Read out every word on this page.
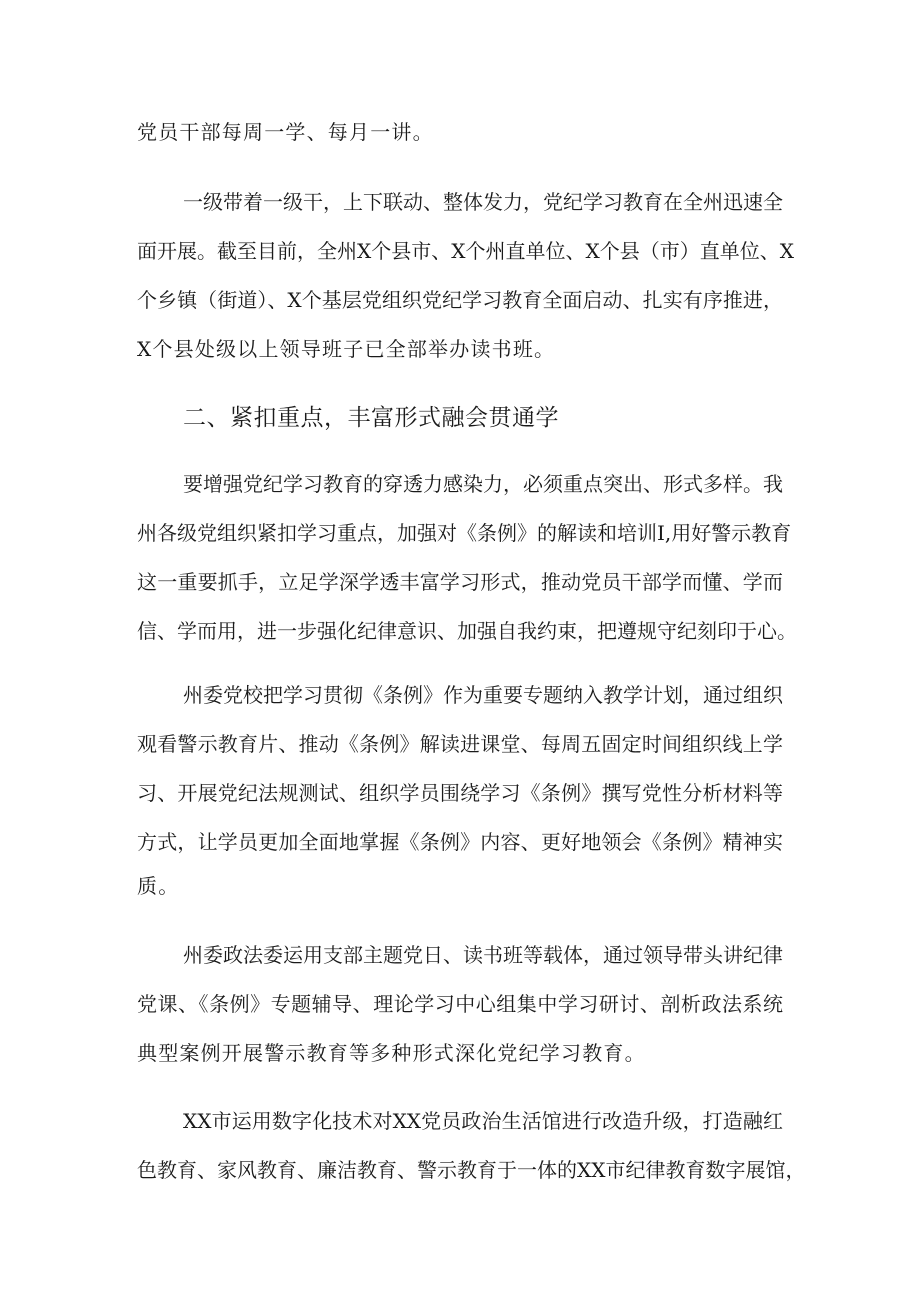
党员干部每周一学、每月一讲。
一级带着一级干，上下联动、整体发力，党纪学习教育在全州迅速全
面开展。截至目前，全州X个县市、X个州直单位、X个县（市）直单位、X
个乡镇（街道）、X个基层党组织党纪学习教育全面启动、扎实有序推进，
X个县处级以上领导班子已全部举办读书班。
二、紧扣重点，丰富形式融会贯通学
要增强党纪学习教育的穿透力感染力，必须重点突出、形式多样。我
州各级党组织紧扣学习重点，加强对《条例》的解读和培训I,用好警示教育
这一重要抓手，立足学深学透丰富学习形式，推动党员干部学而懂、学而
信、学而用，进一步强化纪律意识、加强自我约束，把遵规守纪刻印于心。
州委党校把学习贯彻《条例》作为重要专题纳入教学计划，通过组织
观看警示教育片、推动《条例》解读进课堂、每周五固定时间组织线上学
习、开展党纪法规测试、组织学员围绕学习《条例》撰写党性分析材料等
方式，让学员更加全面地掌握《条例》内容、更好地领会《条例》精神实
质。
州委政法委运用支部主题党日、读书班等载体，通过领导带头讲纪律
党课、《条例》专题辅导、理论学习中心组集中学习研讨、剖析政法系统
典型案例开展警示教育等多种形式深化党纪学习教育。
XX市运用数字化技术对XX党员政治生活馆进行改造升级，打造融红
色教育、家风教育、廉洁教育、警示教育于一体的XX市纪律教育数字展馆，
